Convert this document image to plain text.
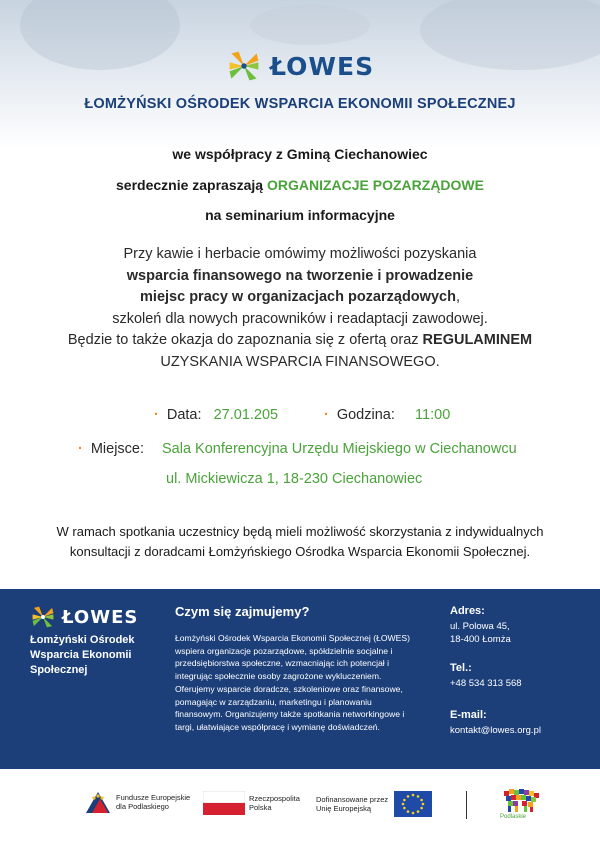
ŁOWES
ŁOMŻYŃSKI OŚRODEK WSPARCIA EKONOMII SPOŁECZNEJ
we współpracy z Gminą Ciechanowiec
serdecznie zapraszają ORGANIZACJE POZARZĄDOWE
na seminarium informacyjne
Przy kawie i herbacie omówimy możliwości pozyskania
wsparcia finansowego na tworzenie i prowadzenie
miejsc pracy w organizacjach pozarządowych,
szkoleń dla nowych pracowników i readaptacji zawodowej.
Będzie to także okazja do zapoznania się z ofertą oraz REGULAMINEM
UZYSKANIA WSPARCIA FINANSOWEGO.
· Data: 27.01.205	· Godzina: 11:00
· Miejsce: Sala Konferencyjna Urzędu Miejskiego w Ciechanowcu
ul. Mickiewicza 1, 18-230 Ciechanowiec
W ramach spotkania uczestnicy będą mieli możliwość skorzystania z indywidualnych
konsultacji z doradcami Łomżyńskiego Ośrodka Wsparcia Ekonomii Społecznej.
ŁOWES
Łomżyński Ośrodek
Wsparcia Ekonomii
Społecznej
Czym się zajmujemy?
Łomżyński Ośrodek Wsparcia Ekonomii Społecznej (ŁOWES) wspiera organizacje pozarządowe, spółdzielnie socjalne i przedsiębiorstwa społeczne, wzmacniając ich potencjał i integrując społecznie osoby zagrożone wykluczeniem. Oferujemy wsparcie doradcze, szkoleniowe oraz finansowe, pomagając w zarządzaniu, marketingu i planowaniu finansowym. Organizujemy także spotkania networkingowe i targi, ułatwiające współpracę i wymianę doświadczeń.
Adres:
ul. Polowa 45,
18-400 Łomża
Tel.:
+48 534 313 568
E-mail:
kontakt@lowes.org.pl
Fundusze Europejskie
dla Podlaskiego
Rzeczpospolita
Polska
Dofinansowane przez
Unię Europejską
Podlaskie
